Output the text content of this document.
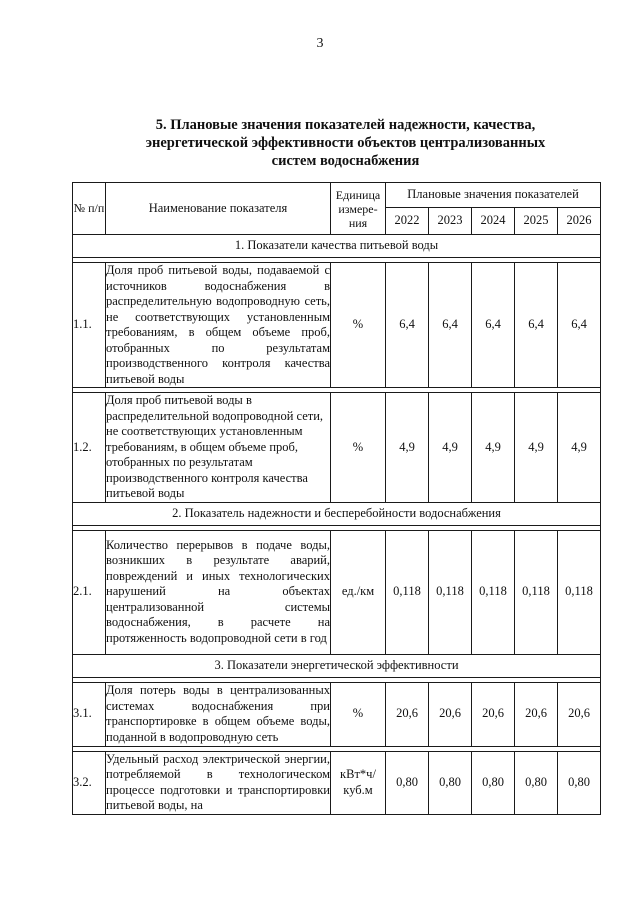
3
5. Плановые значения показателей надежности, качества,
энергетической эффективности объектов централизованных
систем водоснабжения
№ п/п	Наименование показателя	Единица измере-ния	Плановые значения показателей				
			2022	2023	2024	2025	2026
1. Показатели качества питьевой воды							

1.1.	Доля проб питьевой воды, подаваемой с источников водоснабжения в распределительную водопроводную сеть, не соответствующих установленным требованиям, в общем объеме проб, отобранных по результатам производственного контроля качества питьевой воды	%	6,4	6,4	6,4	6,4	6,4

1.2.	Доля проб питьевой воды в распределительной водопроводной сети, не соответствующих установленным требованиям, в общем объеме проб, отобранных по результатам производственного контроля качества питьевой воды	%	4,9	4,9	4,9	4,9	4,9
2. Показатель надежности и бесперебойности водоснабжения							

2.1.	Количество перерывов в подаче воды, возникших в результате аварий, повреждений и иных технологических нарушений на объектах централизованной системы водоснабжения, в расчете на протяженность водопроводной сети в год	ед./км	0,118	0,118	0,118	0,118	0,118
3. Показатели энергетической эффективности							

3.1.	Доля потерь воды в централизованных системах водоснабжения при транспортировке в общем объеме воды, поданной в водопроводную сеть	%	20,6	20,6	20,6	20,6	20,6

3.2.	Удельный расход электрической энергии, потребляемой в технологическом процессе подготовки и транспортировки питьевой воды, на	кВт*ч/ куб.м	0,80	0,80	0,80	0,80	0,80
